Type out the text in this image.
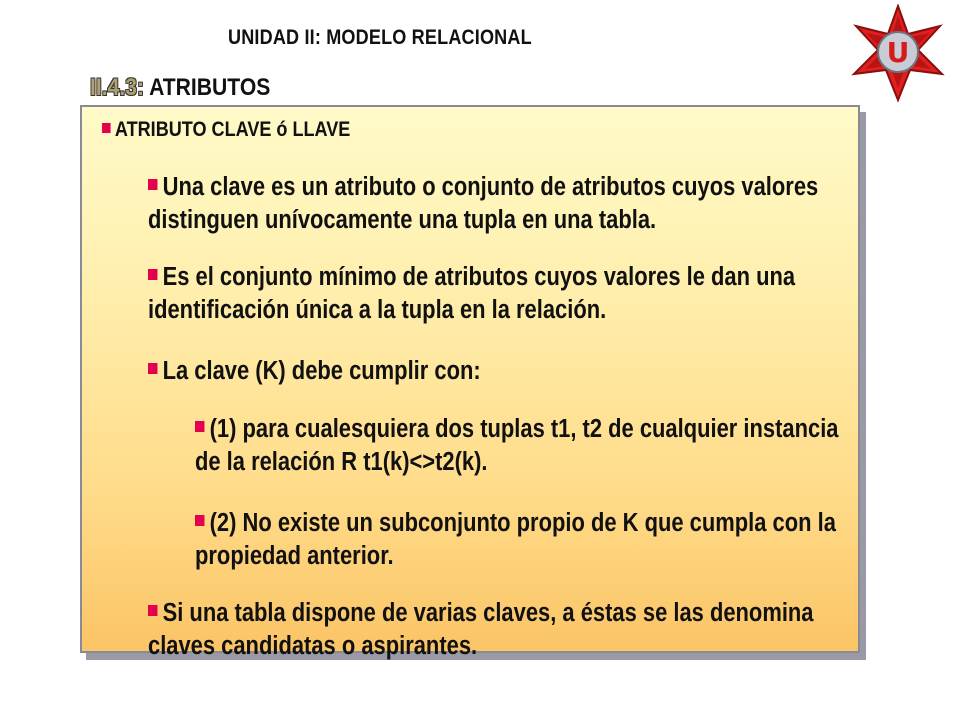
UNIDAD II: MODELO RELACIONAL	U
II.4.3: ATRIBUTOS
ATRIBUTO CLAVE ó LLAVE
Una clave es un atributo o conjunto de atributos cuyos valores distinguen unívocamente una tupla en una tabla.
Es el conjunto mínimo de atributos cuyos valores le dan una identificación única a la tupla en la relación.
La clave (K) debe cumplir con:
(1) para cualesquiera dos tuplas t1, t2 de cualquier instancia de la relación R t1(k)<>t2(k).
(2) No existe un subconjunto propio de K que cumpla con la propiedad anterior.
Si una tabla dispone de varias claves, a éstas se las denomina claves candidatas o aspirantes.
